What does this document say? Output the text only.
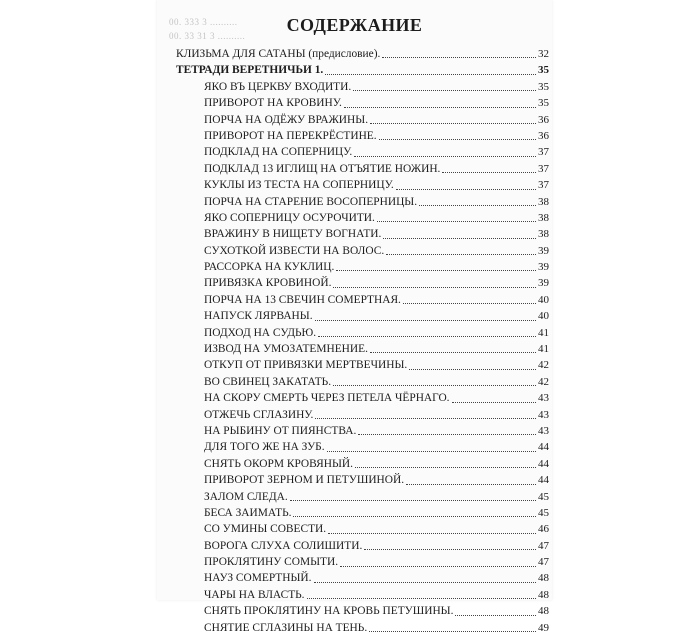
00. 333 3 ..........
00. 33 31 3 ..........
СОДЕРЖАНИЕ
КЛИЗЬМА ДЛЯ САТАНЫ (предисловие).	32
ТЕТРАДИ ВЕРЕТНИЧЬИ 1.	35
ЯКО ВЪ ЦЕРКВУ ВХОДИТИ.	35
ПРИВОРОТ НА КРОВИНУ.	35
ПОРЧА НА ОДЁЖУ ВРАЖИНЫ.	36
ПРИВОРОТ НА ПЕРЕКРЁСТИНЕ.	36
ПОДКЛАД НА СОПЕРНИЦУ.	37
ПОДКЛАД 13 ИГЛИЩ НА ОТЪЯТИЕ НОЖИН.	37
КУКЛЫ ИЗ ТЕСТА НА СОПЕРНИЦУ.	37
ПОРЧА НА СТАРЕНИЕ ВОСОПЕРНИЦЫ.	38
ЯКО СОПЕРНИЦУ ОСУРОЧИТИ.	38
ВРАЖИНУ В НИЩЕТУ ВОГНАТИ.	38
СУХОТКОЙ ИЗВЕСТИ НА ВОЛОС.	39
РАССОРКА НА КУКЛИЦ.	39
ПРИВЯЗКА КРОВИНОЙ.	39
ПОРЧА НА 13 СВЕЧИН СОМЕРТНАЯ.	40
НАПУСК ЛЯРВАНЫ.	40
ПОДХОД НА СУДЬЮ.	41
ИЗВОД НА УМОЗАТЕМНЕНИЕ.	41
ОТКУП ОТ ПРИВЯЗКИ МЕРТВЕЧИНЫ.	42
ВО СВИНЕЦ ЗАКАТАТЬ.	42
НА СКОРУ СМЕРТЬ ЧЕРЕЗ ПЕТЕЛА ЧЁРНАГО.	43
ОТЖЕЧЬ СГЛАЗИНУ.	43
НА РЫБИНУ ОТ ПИЯНСТВА.	43
ДЛЯ ТОГО ЖЕ НА ЗУБ.	44
СНЯТЬ ОКОРМ КРОВЯНЫЙ.	44
ПРИВОРОТ ЗЕРНОМ И ПЕТУШИНОЙ.	44
ЗАЛОМ СЛЕДА.	45
БЕСА ЗАИМАТЬ.	45
СО УМИНЫ СОВЕСТИ.	46
ВОРОГА СЛУХА СОЛИШИТИ.	47
ПРОКЛЯТИНУ СОМЫТИ.	47
НАУЗ СОМЕРТНЫЙ.	48
ЧАРЫ НА ВЛАСТЬ.	48
СНЯТЬ ПРОКЛЯТИНУ НА КРОВЬ ПЕТУШИНЫ.	48
СНЯТИЕ СГЛАЗИНЫ НА ТЕНЬ.	49
